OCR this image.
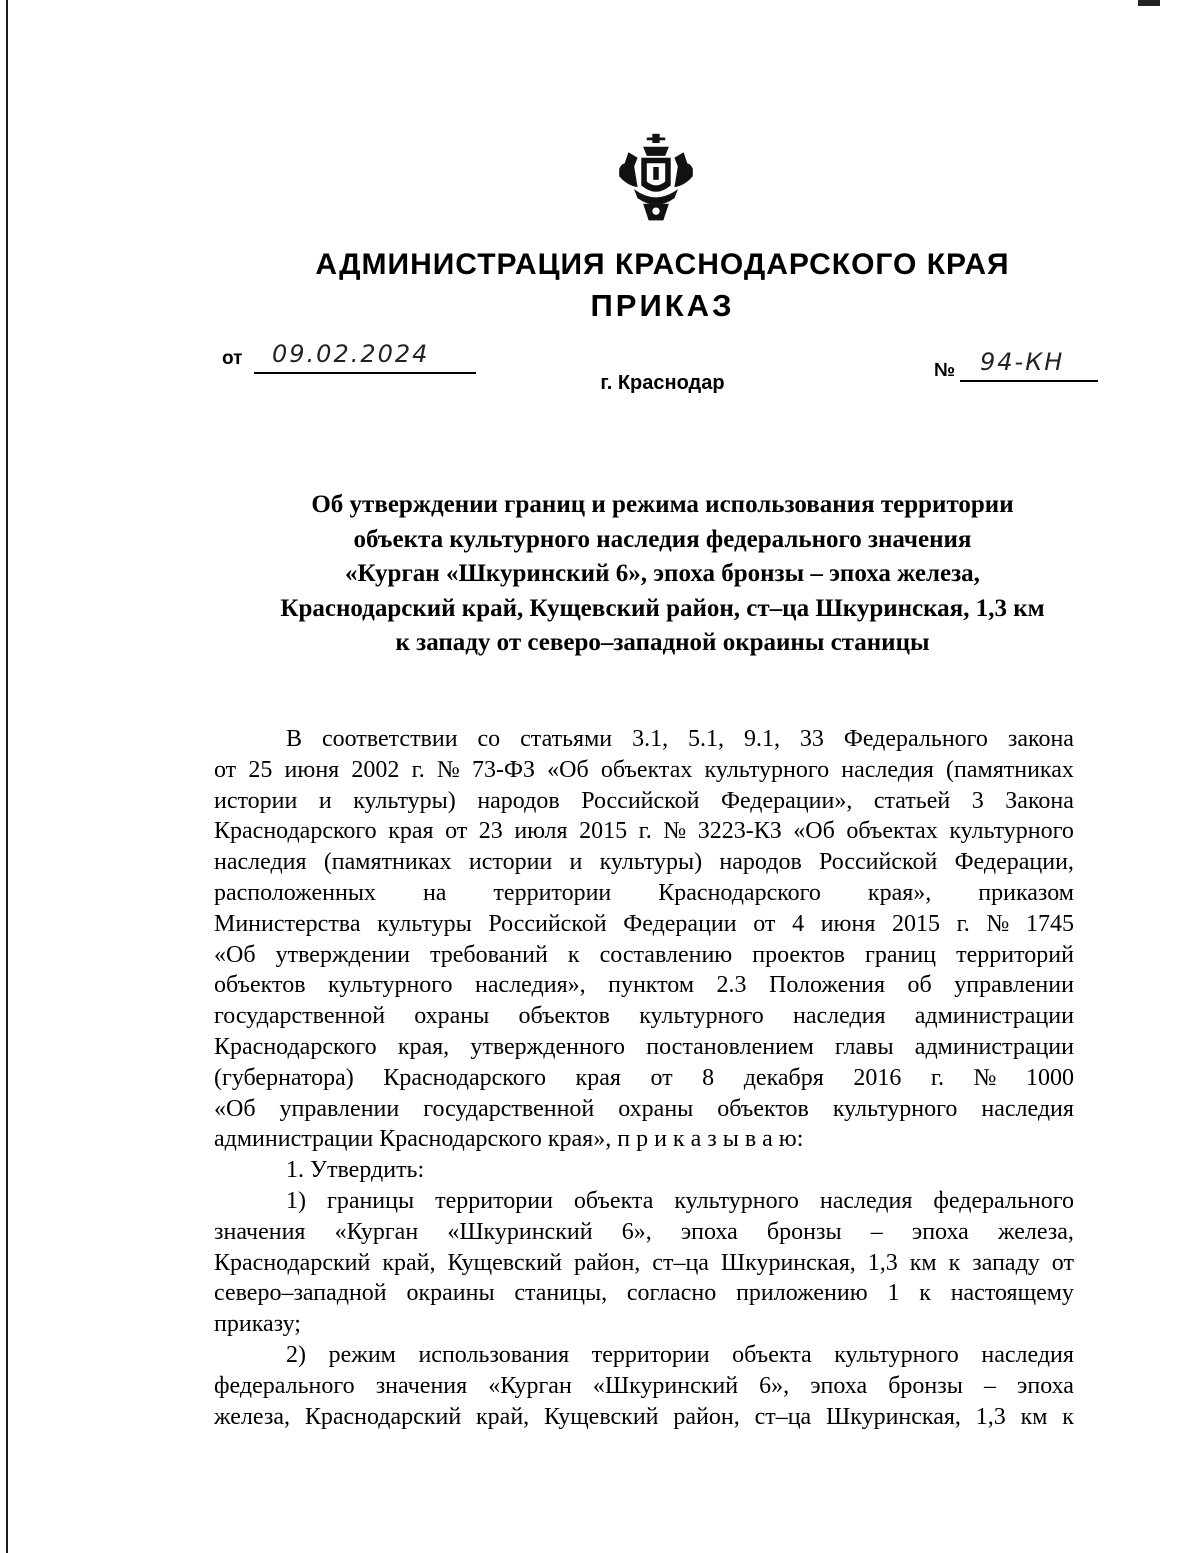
АДМИНИСТРАЦИЯ КРАСНОДАРСКОГО КРАЯ
ПРИКАЗ
от 09.02.2024
г. Краснодар
№ 94-КН
Об утверждении границ и режима использования территории
объекта культурного наследия федерального значения
«Курган «Шкуринский 6», эпоха бронзы – эпоха железа,
Краснодарский край, Кущевский район, ст–ца Шкуринская, 1,3 км
к западу от северо–западной окраины станицы
В соответствии со статьями 3.1, 5.1, 9.1, 33 Федерального закона
от 25 июня 2002 г. № 73-ФЗ «Об объектах культурного наследия (памятниках
истории и культуры) народов Российской Федерации», статьей 3 Закона
Краснодарского края от 23 июля 2015 г. № 3223-КЗ «Об объектах культурного
наследия (памятниках истории и культуры) народов Российской Федерации,
расположенных на территории Краснодарского края», приказом
Министерства культуры Российской Федерации от 4 июня 2015 г. № 1745
«Об утверждении требований к составлению проектов границ территорий
объектов культурного наследия», пунктом 2.3 Положения об управлении
государственной охраны объектов культурного наследия администрации
Краснодарского края, утвержденного постановлением главы администрации
(губернатора) Краснодарского края от 8 декабря 2016 г. № 1000
«Об управлении государственной охраны объектов культурного наследия
администрации Краснодарского края», п р и к а з ы в а ю:
1. Утвердить:
1) границы территории объекта культурного наследия федерального
значения «Курган «Шкуринский 6», эпоха бронзы – эпоха железа,
Краснодарский край, Кущевский район, ст–ца Шкуринская, 1,3 км к западу от
северо–западной окраины станицы, согласно приложению 1 к настоящему
приказу;
2) режим использования территории объекта культурного наследия
федерального значения «Курган «Шкуринский 6», эпоха бронзы – эпоха
железа, Краснодарский край, Кущевский район, ст–ца Шкуринская, 1,3 км к
